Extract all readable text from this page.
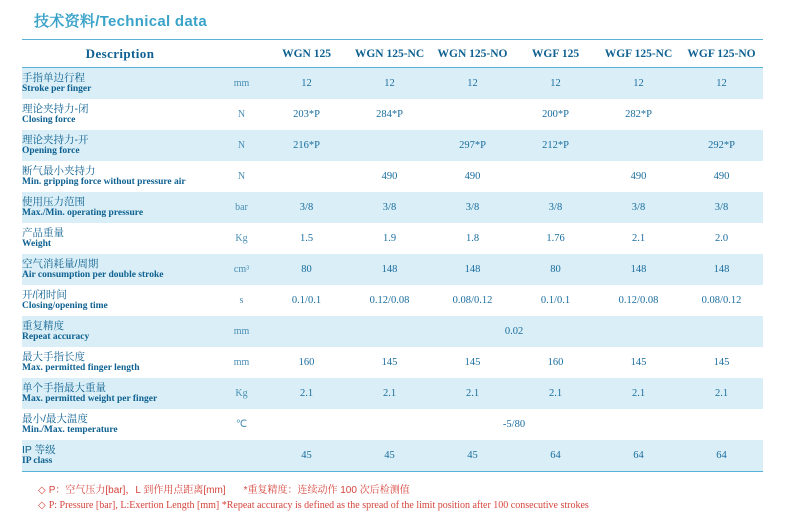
技术资料/Technical data
Description		WGN 125	WGN 125-NC	WGN 125-NO	WGF 125	WGF 125-NC	WGF 125-NO

手指单边行程
Stroke per finger	mm	12	12	12	12	12	12

理论夹持力-闭
Closing force	N	203*P	284*P		200*P	282*P	

理论夹持力-开
Opening force	N	216*P		297*P	212*P		292*P

断气最小夹持力
Min. gripping force without pressure air	N		490	490		490	490

使用压力范围
Max./Min. operating pressure	bar	3/8	3/8	3/8	3/8	3/8	3/8

产品重量
Weight	Kg	1.5	1.9	1.8	1.76	2.1	2.0

空气消耗量/周期
Air consumption per double stroke	cm³	80	148	148	80	148	148

开/闭时间
Closing/opening time	s	0.1/0.1	0.12/0.08	0.08/0.12	0.1/0.1	0.12/0.08	0.08/0.12

重复精度
Repeat accuracy	mm	0.02					

最大手指长度
Max. permitted finger length	mm	160	145	145	160	145	145

单个手指最大重量
Max. permitted weight per finger	Kg	2.1	2.1	2.1	2.1	2.1	2.1

最小/最大温度
Min./Max. temperature	℃	-5/80					

IP 等级
IP class		45	45	45	64	64	64
◇ P：空气压力[bar]，L 到作用点距离[mm] *重复精度：连续动作 100 次后检测值
◇ P: Pressure [bar], L:Exertion Length [mm] *Repeat accuracy is defined as the spread of the limit position after 100 consecutive strokes
